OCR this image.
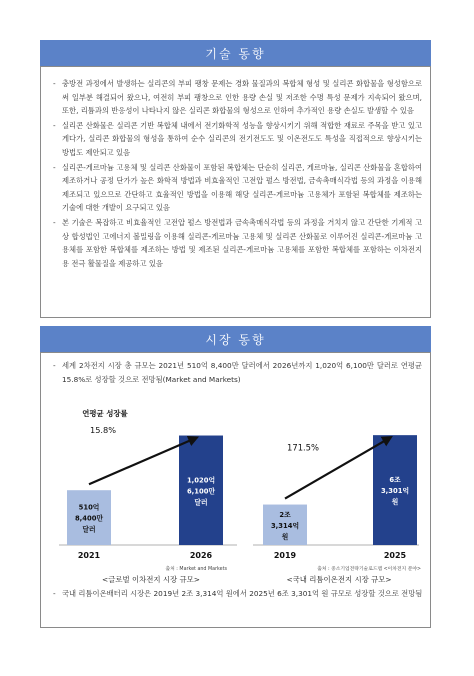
기술 동향
- 충방전 과정에서 발생하는 실리콘의 부피 팽창 문제는 경화 물질과의 복합체 형성 및 실리콘 화합물을 형성함으로써 일부분 해결되어 왔으나, 여전히 부피 팽창으로 인한 용량 손실 및 저조한 수명 특성 문제가 지속되어 왔으며, 또한, 리튬과의 반응성이 나타나지 않은 실리콘 화합물의 형성으로 인하여 추가적인 용량 손실도 발생할 수 있음
- 실리콘 산화물은 실리콘 기반 복합체 내에서 전기화학적 성능을 향상시키기 위해 적합한 재료로 주목을 받고 있고 게다가, 실리콘 화합물의 형성을 통하여 순수 실리콘의 전기전도도 및 이온전도도 특성을 직접적으로 향상시키는 방법도 제안되고 있음
- 실리콘-게르마늄 고용체 및 실리콘 산화물이 포함된 복합체는 단순히 실리콘, 게르마늄, 실리콘 산화물을 혼합하여 제조하거나 공정 단가가 높은 화학적 방법과 비효율적인 고전압 펄스 방전법, 금속촉매식각법 등의 과정을 이용해 제조되고 있으므로 간단하고 효율적인 방법을 이용해 해당 실리콘-게르마늄 고용체가 포함된 복합체를 제조하는 기술에 대한 개발이 요구되고 있음
- 본 기술은 복잡하고 비효율적인 고전압 펄스 방전법과 금속촉매식각법 등의 과정을 거치지 않고 간단한 기계적 고상 합성법인 고에너지 볼밀링을 이용해 실리콘-게르마늄 고용체 및 실리콘 산화물로 이루어진 실리콘-게르마늄 고용체를 포함한 복합체를 제조하는 방법 및 제조된 실리콘-게르마늄 고용체를 포함한 복합체를 포함하는 이차전지용 전극 활물질을 제공하고 있음
시장 동향
- 세계 2차전지 시장 총 규모는 2021년 510억 8,400만 달러에서 2026년까지 1,020억 6,100만 달러로 연평균 15.8%로 성장할 것으로 전망됨(Market and Markets)
510억
8,400만
달러
2021
1,020억
6,100만
달러
2026
연평균 성장률
15.8%
출처 : Market and Markets
<글로벌 이차전지 시장 규모>
2조
3,314억
원
2019
6조
3,301억
원
2025
171.5%
출처 : 중소기업전략기술로드맵 <이차전지 분야>
<국내 리튬이온전지 시장 규모>
- 국내 리튬이온배터리 시장은 2019년 2조 3,314억 원에서 2025년 6조 3,301억 원 규모로 성장할 것으로 전망됨
